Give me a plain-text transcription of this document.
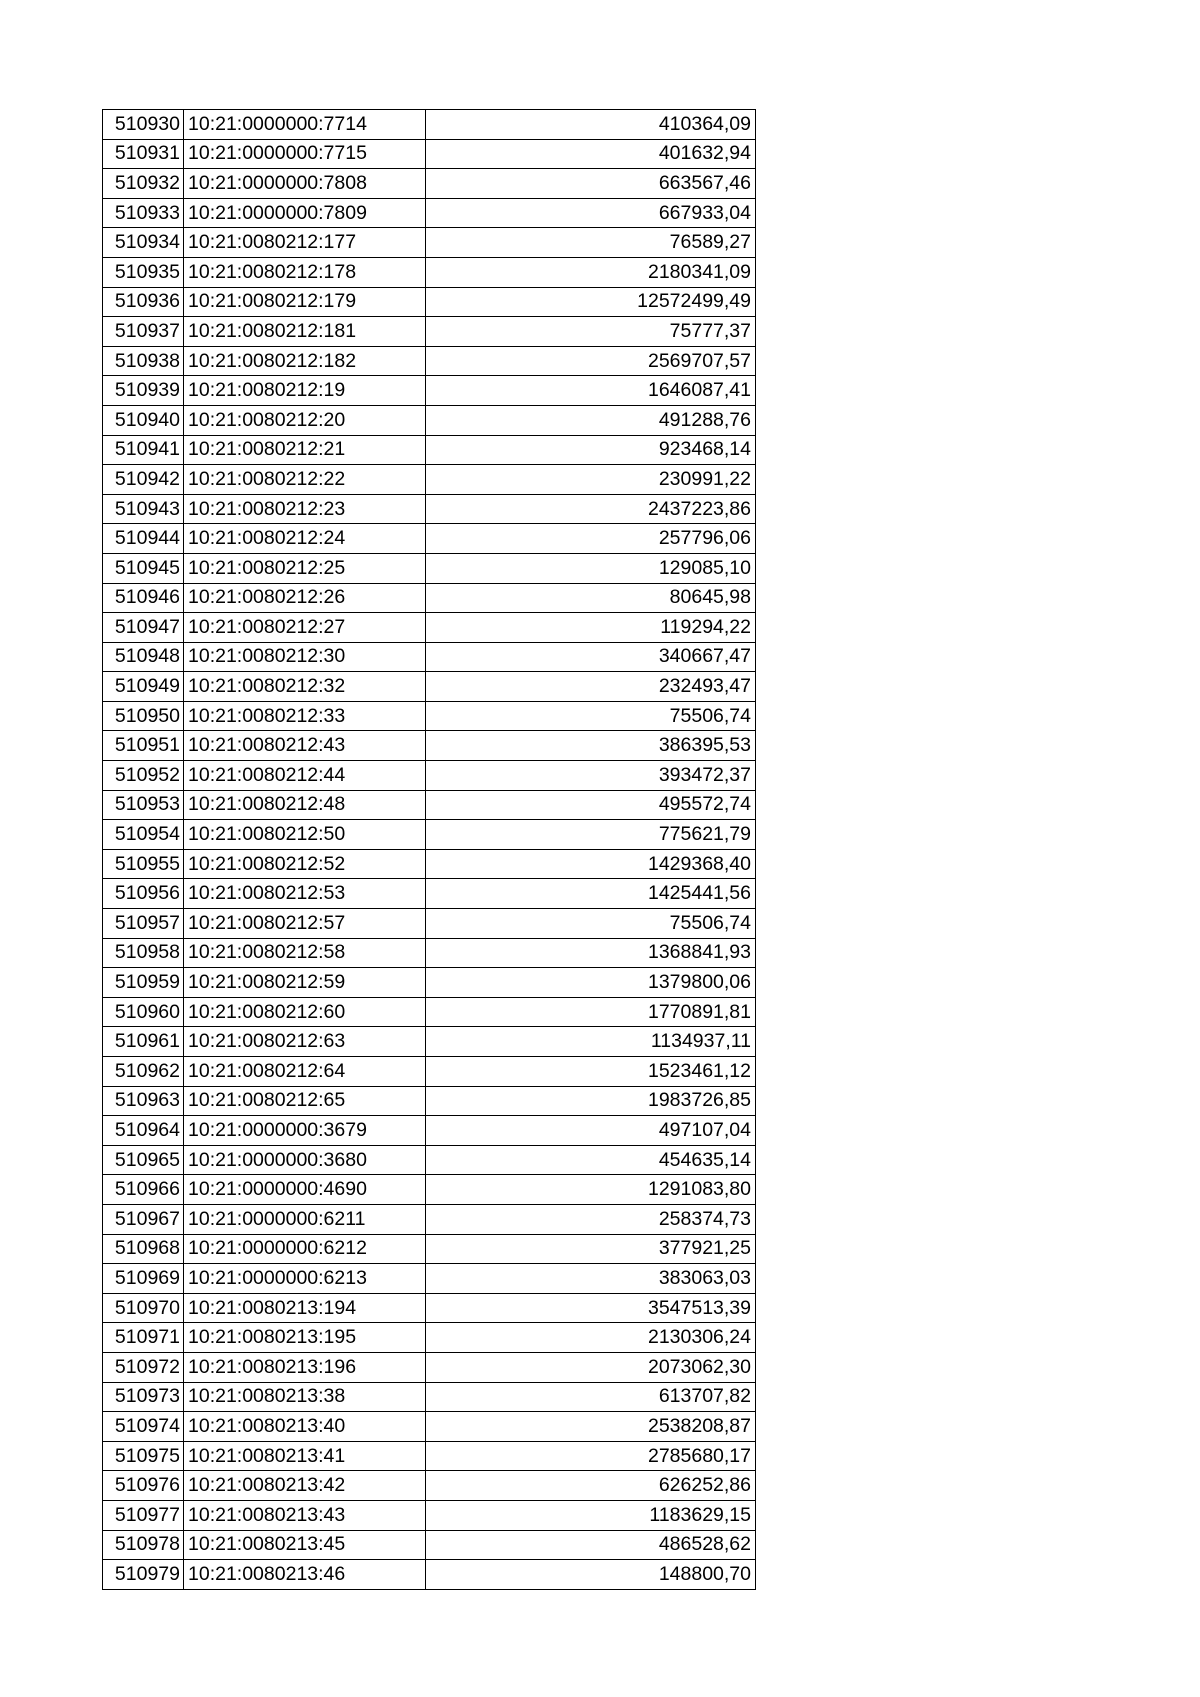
510930	10:21:0000000:7714	410364,09
510931	10:21:0000000:7715	401632,94
510932	10:21:0000000:7808	663567,46
510933	10:21:0000000:7809	667933,04
510934	10:21:0080212:177	76589,27
510935	10:21:0080212:178	2180341,09
510936	10:21:0080212:179	12572499,49
510937	10:21:0080212:181	75777,37
510938	10:21:0080212:182	2569707,57
510939	10:21:0080212:19	1646087,41
510940	10:21:0080212:20	491288,76
510941	10:21:0080212:21	923468,14
510942	10:21:0080212:22	230991,22
510943	10:21:0080212:23	2437223,86
510944	10:21:0080212:24	257796,06
510945	10:21:0080212:25	129085,10
510946	10:21:0080212:26	80645,98
510947	10:21:0080212:27	119294,22
510948	10:21:0080212:30	340667,47
510949	10:21:0080212:32	232493,47
510950	10:21:0080212:33	75506,74
510951	10:21:0080212:43	386395,53
510952	10:21:0080212:44	393472,37
510953	10:21:0080212:48	495572,74
510954	10:21:0080212:50	775621,79
510955	10:21:0080212:52	1429368,40
510956	10:21:0080212:53	1425441,56
510957	10:21:0080212:57	75506,74
510958	10:21:0080212:58	1368841,93
510959	10:21:0080212:59	1379800,06
510960	10:21:0080212:60	1770891,81
510961	10:21:0080212:63	1134937,11
510962	10:21:0080212:64	1523461,12
510963	10:21:0080212:65	1983726,85
510964	10:21:0000000:3679	497107,04
510965	10:21:0000000:3680	454635,14
510966	10:21:0000000:4690	1291083,80
510967	10:21:0000000:6211	258374,73
510968	10:21:0000000:6212	377921,25
510969	10:21:0000000:6213	383063,03
510970	10:21:0080213:194	3547513,39
510971	10:21:0080213:195	2130306,24
510972	10:21:0080213:196	2073062,30
510973	10:21:0080213:38	613707,82
510974	10:21:0080213:40	2538208,87
510975	10:21:0080213:41	2785680,17
510976	10:21:0080213:42	626252,86
510977	10:21:0080213:43	1183629,15
510978	10:21:0080213:45	486528,62
510979	10:21:0080213:46	148800,70
